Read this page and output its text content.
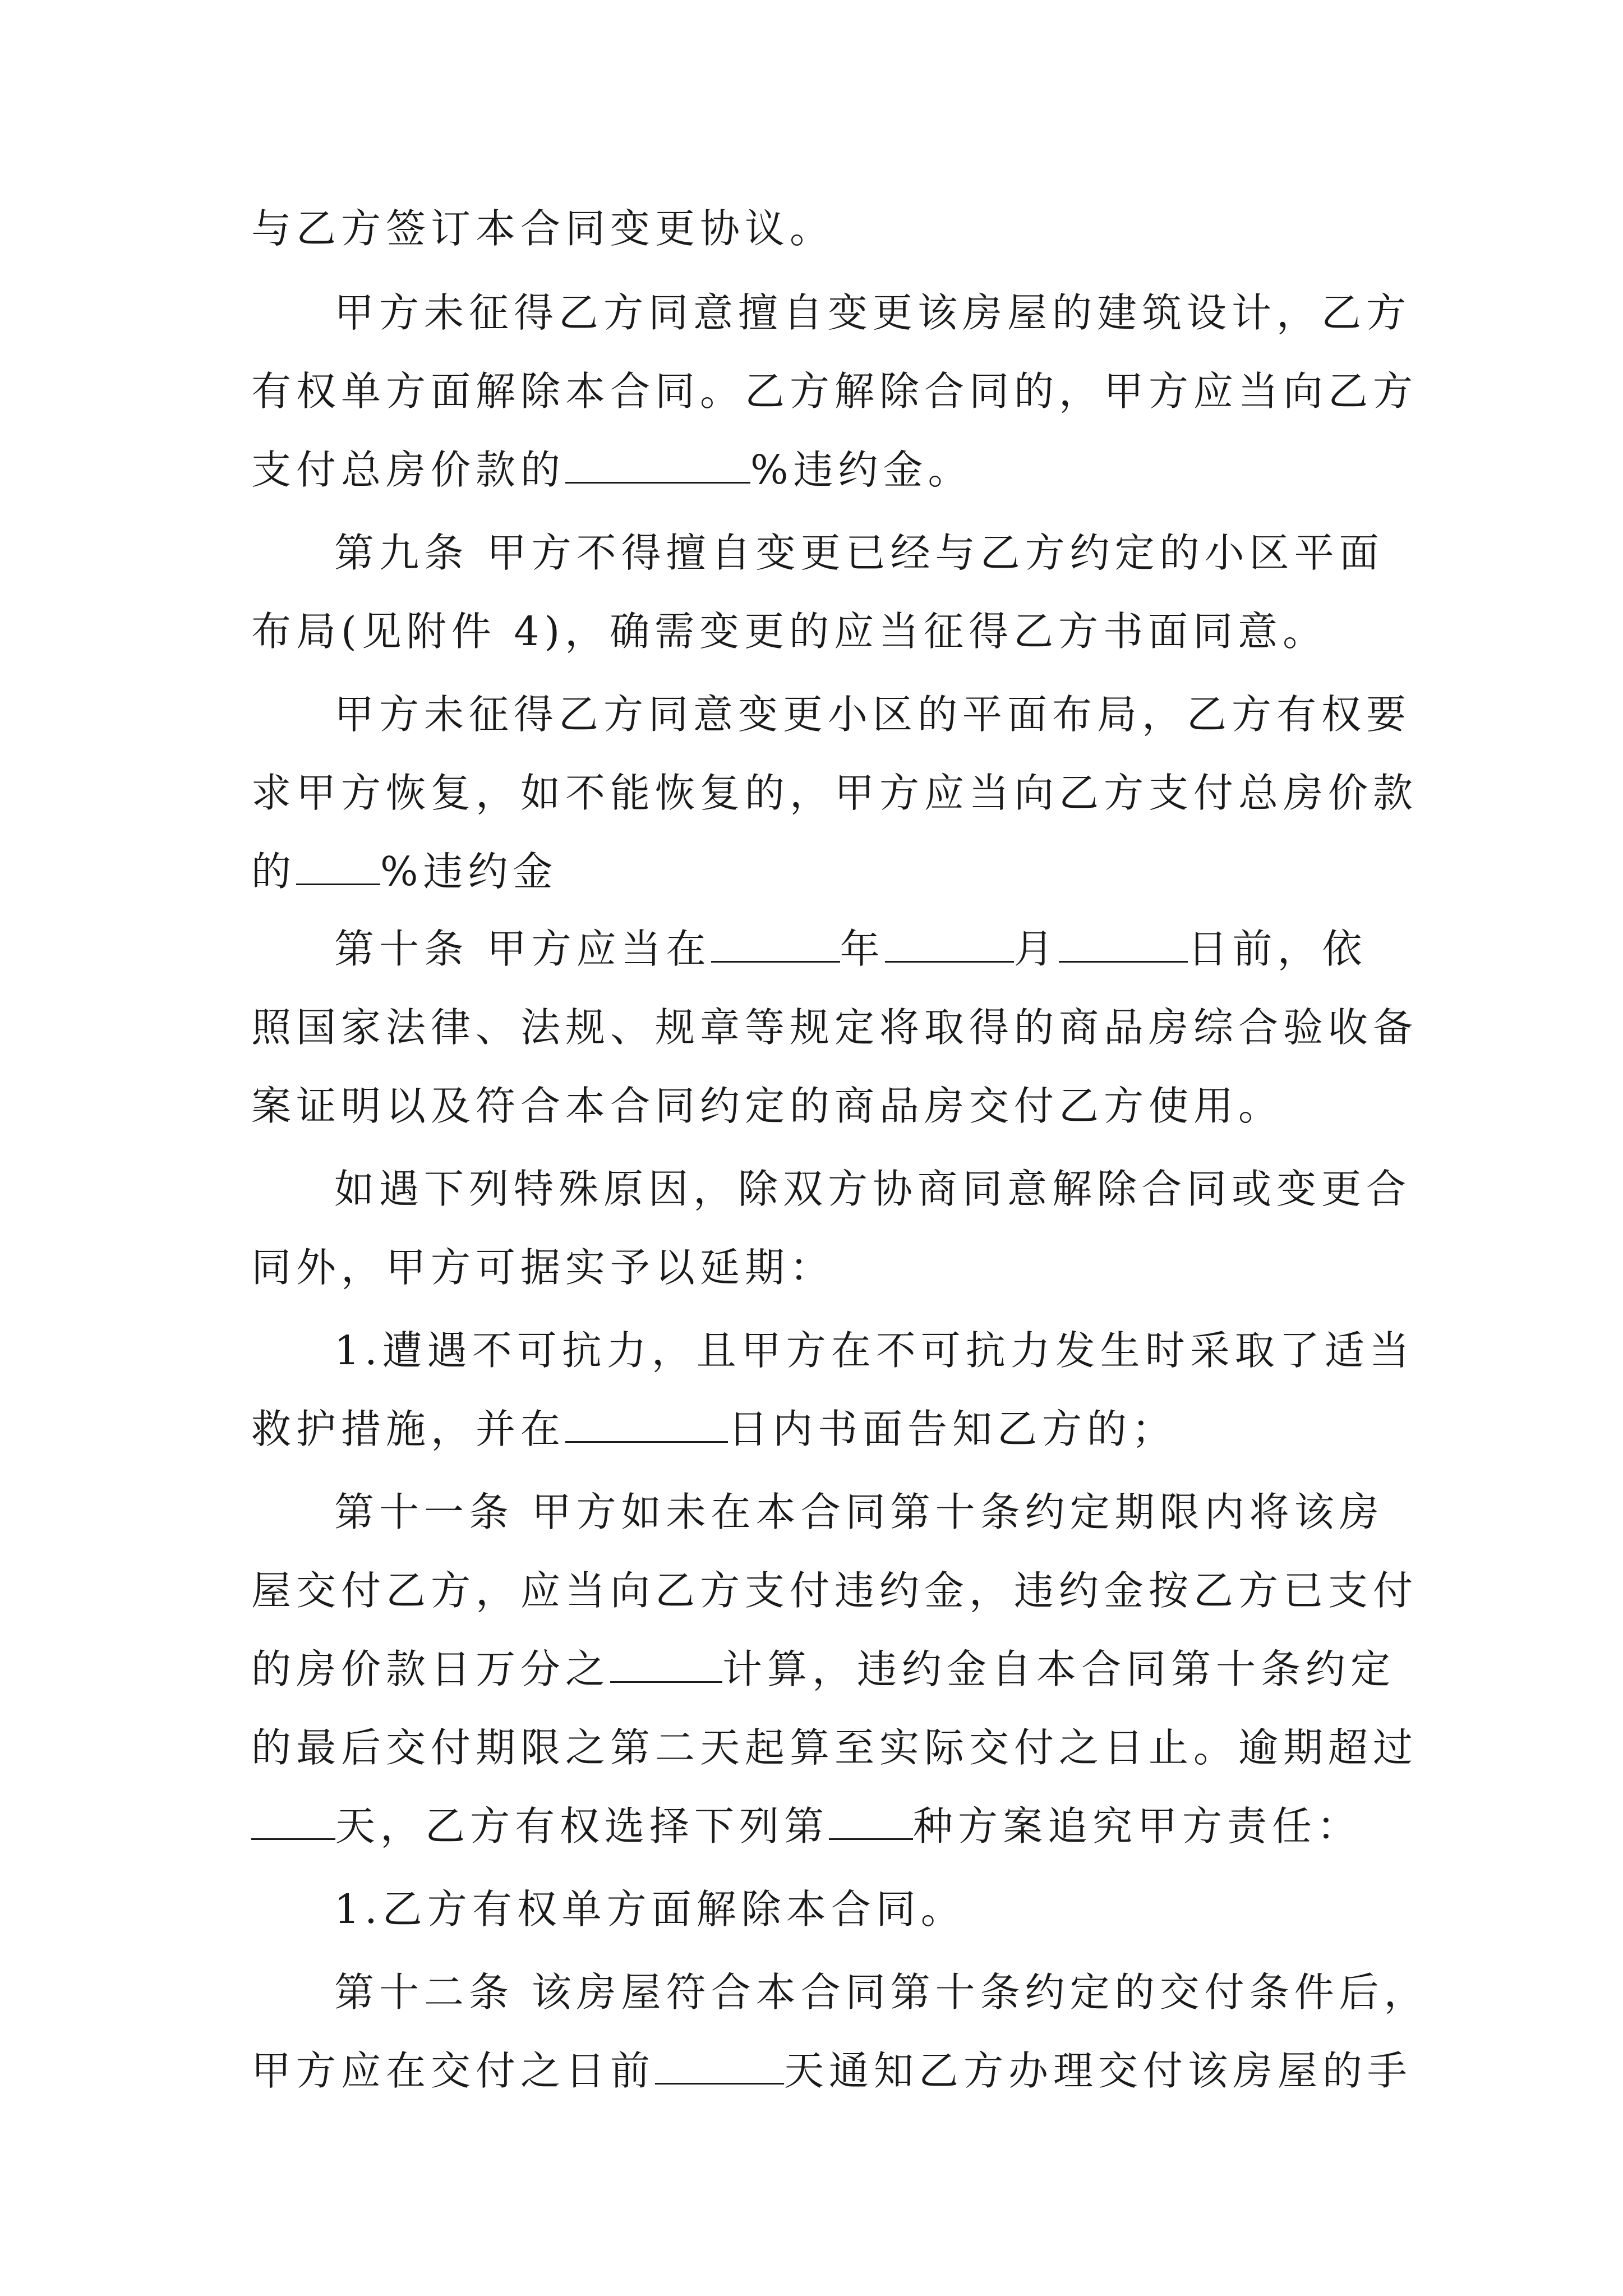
与乙方签订本合同变更协议。
甲方未征得乙方同意擅自变更该房屋的建筑设计，乙方
有权单方面解除本合同。乙方解除合同的，甲方应当向乙方
支付总房价款的	%违约金。
第九条 甲方不得擅自变更已经与乙方约定的小区平面
布局(见附件 4)，确需变更的应当征得乙方书面同意。
甲方未征得乙方同意变更小区的平面布局，乙方有权要
求甲方恢复，如不能恢复的，甲方应当向乙方支付总房价款
的 %违约金
第十条 甲方应当在	年	月	日前，依
照国家法律、法规、规章等规定将取得的商品房综合验收备
案证明以及符合本合同约定的商品房交付乙方使用。
如遇下列特殊原因，除双方协商同意解除合同或变更合
同外，甲方可据实予以延期：
1.遭遇不可抗力，且甲方在不可抗力发生时采取了适当
救护措施，并在	日内书面告知乙方的；
第十一条 甲方如未在本合同第十条约定期限内将该房
屋交付乙方，应当向乙方支付违约金，违约金按乙方已支付
的房价款日万分之	计算，违约金自本合同第十条约定
的最后交付期限之第二天起算至实际交付之日止。逾期超过
天，乙方有权选择下列第 种方案追究甲方责任：
1.乙方有权单方面解除本合同。
第十二条 该房屋符合本合同第十条约定的交付条件后，
甲方应在交付之日前	天通知乙方办理交付该房屋的手
